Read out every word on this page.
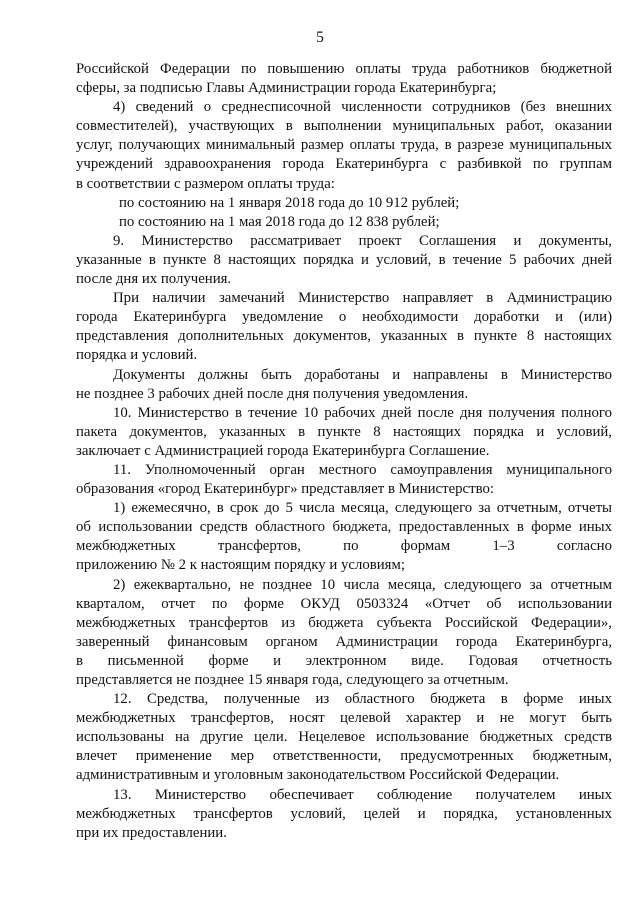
5
Российской Федерации по повышению оплаты труда работников бюджетной
сферы, за подписью Главы Администрации города Екатеринбурга;
4) сведений о среднесписочной численности сотрудников (без внешних
совместителей), участвующих в выполнении муниципальных работ, оказании
услуг, получающих минимальный размер оплаты труда, в разрезе муниципальных
учреждений здравоохранения города Екатеринбурга с разбивкой по группам
в соответствии с размером оплаты труда:
по состоянию на 1 января 2018 года до 10 912 рублей;
по состоянию на 1 мая 2018 года до 12 838 рублей;
9. Министерство рассматривает проект Соглашения и документы,
указанные в пункте 8 настоящих порядка и условий, в течение 5 рабочих дней
после дня их получения.
При наличии замечаний Министерство направляет в Администрацию
города Екатеринбурга уведомление о необходимости доработки и (или)
представления дополнительных документов, указанных в пункте 8 настоящих
порядка и условий.
Документы должны быть доработаны и направлены в Министерство
не позднее 3 рабочих дней после дня получения уведомления.
10. Министерство в течение 10 рабочих дней после дня получения полного
пакета документов, указанных в пункте 8 настоящих порядка и условий,
заключает с Администрацией города Екатеринбурга Соглашение.
11. Уполномоченный орган местного самоуправления муниципального
образования «город Екатеринбург» представляет в Министерство:
1) ежемесячно, в срок до 5 числа месяца, следующего за отчетным, отчеты
об использовании средств областного бюджета, предоставленных в форме иных
межбюджетных трансфертов, по формам 1–3 согласно
приложению № 2 к настоящим порядку и условиям;
2) ежеквартально, не позднее 10 числа месяца, следующего за отчетным
кварталом, отчет по форме ОКУД 0503324 «Отчет об использовании
межбюджетных трансфертов из бюджета субъекта Российской Федерации»,
заверенный финансовым органом Администрации города Екатеринбурга,
в письменной форме и электронном виде. Годовая отчетность
представляется не позднее 15 января года, следующего за отчетным.
12. Средства, полученные из областного бюджета в форме иных
межбюджетных трансфертов, носят целевой характер и не могут быть
использованы на другие цели. Нецелевое использование бюджетных средств
влечет применение мер ответственности, предусмотренных бюджетным,
административным и уголовным законодательством Российской Федерации.
13. Министерство обеспечивает соблюдение получателем иных
межбюджетных трансфертов условий, целей и порядка, установленных
при их предоставлении.
